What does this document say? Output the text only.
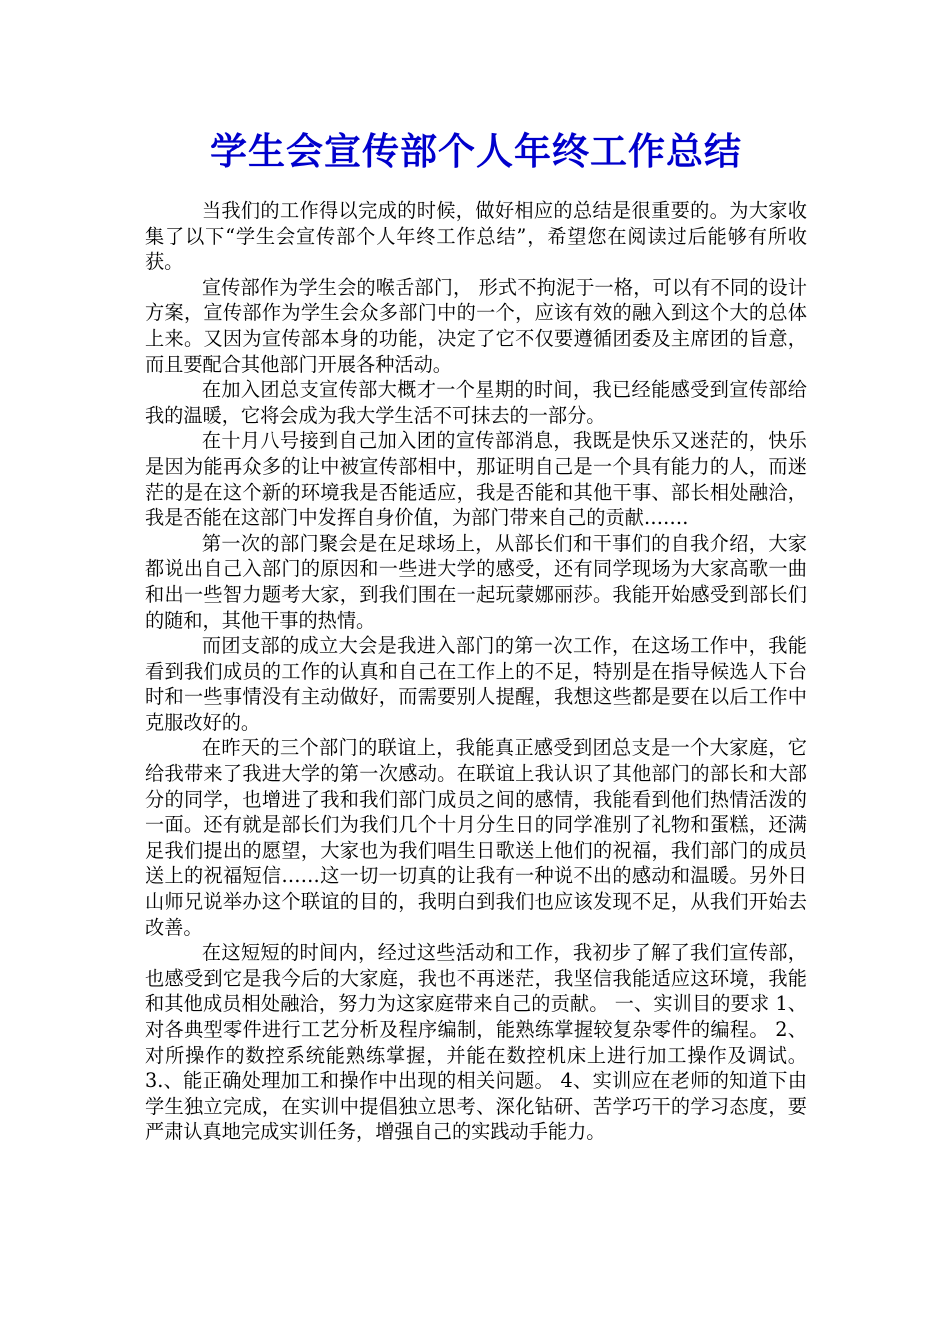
学生会宣传部个人年终工作总结

当我们的工作得以完成的时候，做好相应的总结是很重要的。为大家收集了以下“学生会宣传部个人年终工作总结”，希望您在阅读过后能够有所收获。

宣传部作为学生会的喉舌部门， 形式不拘泥于一格，可以有不同的设计方案，宣传部作为学生会众多部门中的一个，应该有效的融入到这个大的总体上来。又因为宣传部本身的功能，决定了它不仅要遵循团委及主席团的旨意，而且要配合其他部门开展各种活动。

在加入团总支宣传部大概才一个星期的时间，我已经能感受到宣传部给我的温暖，它将会成为我大学生活不可抹去的一部分。

在十月八号接到自己加入团的宣传部消息，我既是快乐又迷茫的，快乐是因为能再众多的让中被宣传部相中，那证明自己是一个具有能力的人，而迷茫的是在这个新的环境我是否能适应，我是否能和其他干事、部长相处融洽，我是否能在这部门中发挥自身价值，为部门带来自己的贡献…….

第一次的部门聚会是在足球场上，从部长们和干事们的自我介绍，大家都说出自己入部门的原因和一些进大学的感受，还有同学现场为大家高歌一曲和出一些智力题考大家，到我们围在一起玩蒙娜丽莎。我能开始感受到部长们的随和，其他干事的热情。

而团支部的成立大会是我进入部门的第一次工作，在这场工作中，我能看到我们成员的工作的认真和自己在工作上的不足，特别是在指导候选人下台时和一些事情没有主动做好，而需要别人提醒，我想这些都是要在以后工作中克服改好的。

在昨天的三个部门的联谊上，我能真正感受到团总支是一个大家庭，它给我带来了我进大学的第一次感动。在联谊上我认识了其他部门的部长和大部分的同学，也增进了我和我们部门成员之间的感情，我能看到他们热情活泼的一面。还有就是部长们为我们几个十月分生日的同学准别了礼物和蛋糕，还满足我们提出的愿望，大家也为我们唱生日歌送上他们的祝福，我们部门的成员送上的祝福短信……这一切一切真的让我有一种说不出的感动和温暖。另外日山师兄说举办这个联谊的目的，我明白到我们也应该发现不足，从我们开始去改善。

在这短短的时间内，经过这些活动和工作，我初步了解了我们宣传部，也感受到它是我今后的大家庭，我也不再迷茫，我坚信我能适应这环境，我能和其他成员相处融洽，努力为这家庭带来自己的贡献。 一、实训目的要求 1、对各典型零件进行工艺分析及程序编制，能熟练掌握较复杂零件的编程。 2、对所操作的数控系统能熟练掌握，并能在数控机床上进行加工操作及调试。 3.、能正确处理加工和操作中出现的相关问题。 4、实训应在老师的知道下由学生独立完成，在实训中提倡独立思考、深化钻研、苦学巧干的学习态度，要严肃认真地完成实训任务，增强自己的实践动手能力。
